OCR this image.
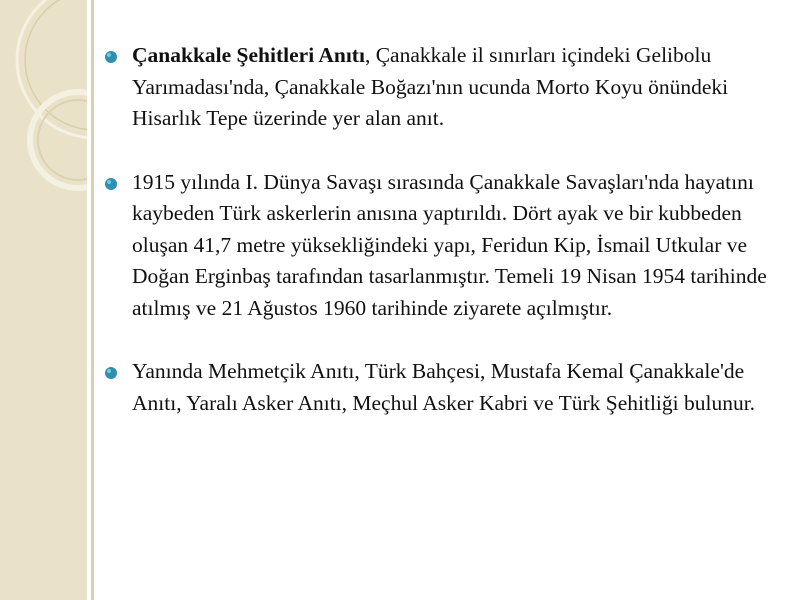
Çanakkale Şehitleri Anıtı, Çanakkale il sınırları içindeki Gelibolu Yarımadası'nda, Çanakkale Boğazı'nın ucunda Morto Koyu önündeki Hisarlık Tepe üzerinde yer alan anıt.

1915 yılında I. Dünya Savaşı sırasında Çanakkale Savaşları'nda hayatını kaybeden Türk askerlerin anısına yaptırıldı. Dört ayak ve bir kubbeden oluşan 41,7 metre yüksekliğindeki yapı, Feridun Kip, İsmail Utkular ve Doğan Erginbaş tarafından tasarlanmıştır. Temeli 19 Nisan 1954 tarihinde atılmış ve 21 Ağustos 1960 tarihinde ziyarete açılmıştır.

Yanında Mehmetçik Anıtı, Türk Bahçesi, Mustafa Kemal Çanakkale'de Anıtı, Yaralı Asker Anıtı, Meçhul Asker Kabri ve Türk Şehitliği bulunur.
